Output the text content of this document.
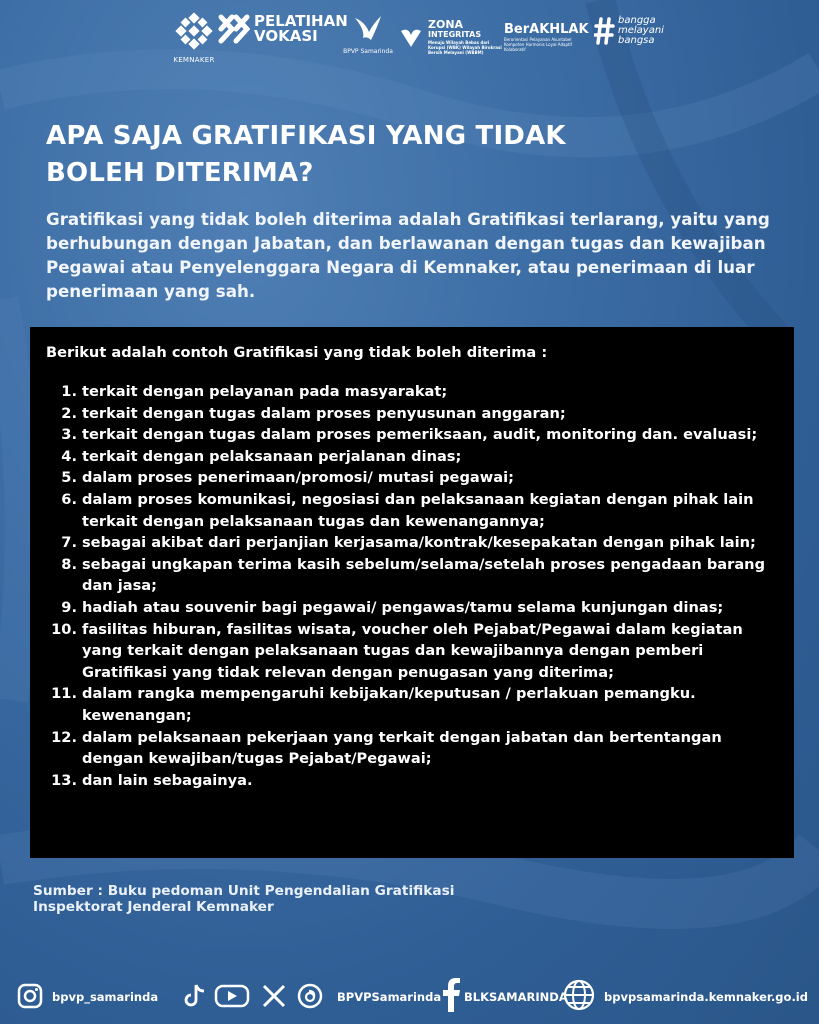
KEMNAKER
PELATIHAN
VOKASI
BPVP Samarinda
ZONA
INTEGRITAS
Menuju Wilayah Bebas dari Korupsi (WBK) Wilayah Birokrasi Bersih Melayani (WBBM)
BerAKHLAK
Berorientasi Pelayanan Akuntabel Kompeten Harmonis Loyal Adaptif Kolaboratif
bangga
melayani
bangsa
APA SAJA GRATIFIKASI YANG TIDAK
BOLEH DITERIMA?

Gratifikasi yang tidak boleh diterima adalah Gratifikasi terlarang, yaitu yang berhubungan dengan Jabatan, dan berlawanan dengan tugas dan kewajiban Pegawai atau Penyelenggara Negara di Kemnaker, atau penerimaan di luar penerimaan yang sah.

Berikut adalah contoh Gratifikasi yang tidak boleh diterima :

1. terkait dengan pelayanan pada masyarakat;
2. terkait dengan tugas dalam proses penyusunan anggaran;
3. terkait dengan tugas dalam proses pemeriksaan, audit, monitoring dan. evaluasi;
4. terkait dengan pelaksanaan perjalanan dinas;
5. dalam proses penerimaan/promosi/ mutasi pegawai;
6. dalam proses komunikasi, negosiasi dan pelaksanaan kegiatan dengan pihak lain terkait dengan pelaksanaan tugas dan kewenangannya;
7. sebagai akibat dari perjanjian kerjasama/kontrak/kesepakatan dengan pihak lain;
8. sebagai ungkapan terima kasih sebelum/selama/setelah proses pengadaan barang dan jasa;
9. hadiah atau souvenir bagi pegawai/ pengawas/tamu selama kunjungan dinas;
10. fasilitas hiburan, fasilitas wisata, voucher oleh Pejabat/Pegawai dalam kegiatan yang terkait dengan pelaksanaan tugas dan kewajibannya dengan pemberi Gratifikasi yang tidak relevan dengan penugasan yang diterima;
11. dalam rangka mempengaruhi kebijakan/keputusan / perlakuan pemangku. kewenangan;
12. dalam pelaksanaan pekerjaan yang terkait dengan jabatan dan bertentangan dengan kewajiban/tugas Pejabat/Pegawai;
13. dan lain sebagainya.

Sumber : Buku pedoman Unit Pengendalian Gratifikasi
Inspektorat Jenderal Kemnaker

bpvp_samarinda	BPVPSamarinda BLKSAMARINDA	bpvpsamarinda.kemnaker.go.id
